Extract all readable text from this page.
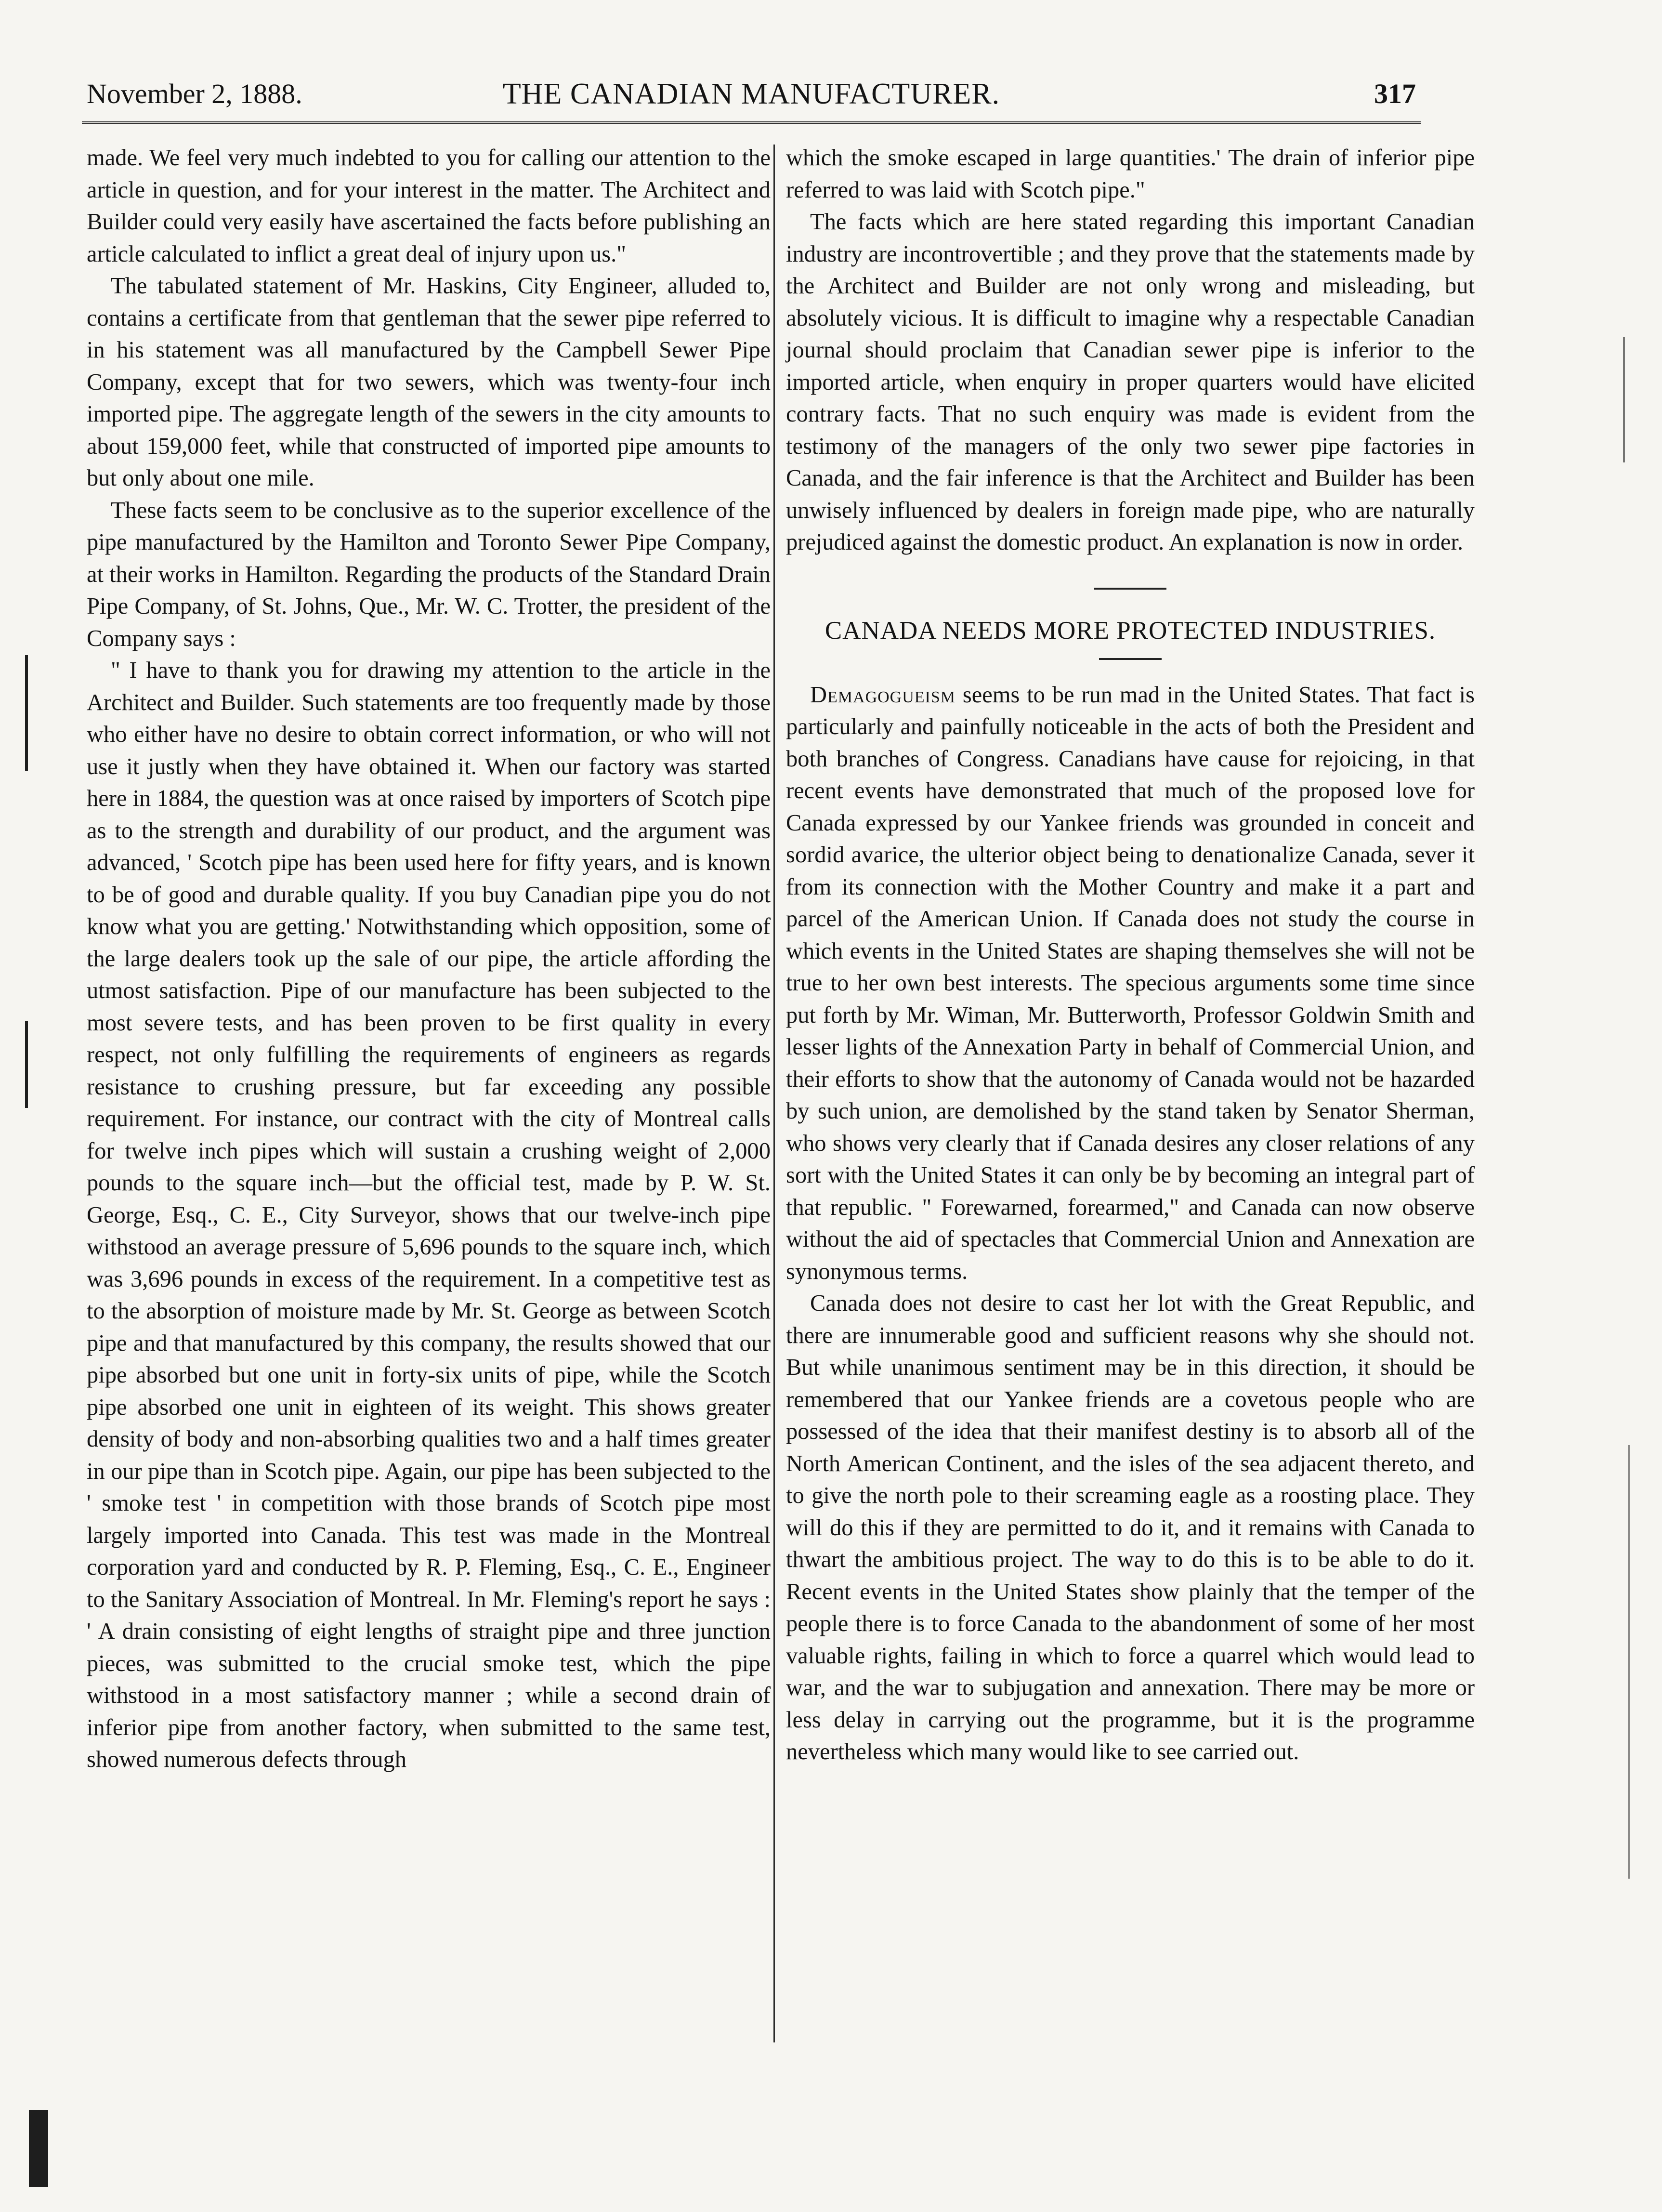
November 2, 1888.	THE CANADIAN MANUFACTURER.	317

made. We feel very much indebted to you for calling our attention to the article in question, and for your interest in the matter. The Architect and Builder could very easily have ascertained the facts before publishing an article calculated to inflict a great deal of injury upon us."

The tabulated statement of Mr. Haskins, City Engineer, alluded to, contains a certificate from that gentleman that the sewer pipe referred to in his statement was all manufactured by the Campbell Sewer Pipe Company, except that for two sewers, which was twenty-four inch imported pipe. The aggregate length of the sewers in the city amounts to about 159,000 feet, while that constructed of imported pipe amounts to but only about one mile.

These facts seem to be conclusive as to the superior excellence of the pipe manufactured by the Hamilton and Toronto Sewer Pipe Company, at their works in Hamilton. Regarding the products of the Standard Drain Pipe Company, of St. Johns, Que., Mr. W. C. Trotter, the president of the Company says :

" I have to thank you for drawing my attention to the article in the Architect and Builder. Such statements are too frequently made by those who either have no desire to obtain correct information, or who will not use it justly when they have obtained it. When our factory was started here in 1884, the question was at once raised by importers of Scotch pipe as to the strength and durability of our product, and the argument was advanced, ' Scotch pipe has been used here for fifty years, and is known to be of good and durable quality. If you buy Canadian pipe you do not know what you are getting.' Notwithstanding which opposition, some of the large dealers took up the sale of our pipe, the article affording the utmost satisfaction. Pipe of our manufacture has been subjected to the most severe tests, and has been proven to be first quality in every respect, not only fulfilling the requirements of engineers as regards resistance to crushing pressure, but far exceeding any possible requirement. For instance, our contract with the city of Montreal calls for twelve inch pipes which will sustain a crushing weight of 2,000 pounds to the square inch—but the official test, made by P. W. St. George, Esq., C. E., City Surveyor, shows that our twelve-inch pipe withstood an average pressure of 5,696 pounds to the square inch, which was 3,696 pounds in excess of the requirement. In a competitive test as to the absorption of moisture made by Mr. St. George as between Scotch pipe and that manufactured by this company, the results showed that our pipe absorbed but one unit in forty-six units of pipe, while the Scotch pipe absorbed one unit in eighteen of its weight. This shows greater density of body and non-absorbing qualities two and a half times greater in our pipe than in Scotch pipe. Again, our pipe has been subjected to the ' smoke test ' in competition with those brands of Scotch pipe most largely imported into Canada. This test was made in the Montreal corporation yard and conducted by R. P. Fleming, Esq., C. E., Engineer to the Sanitary Association of Montreal. In Mr. Fleming's report he says : ' A drain consisting of eight lengths of straight pipe and three junction pieces, was submitted to the crucial smoke test, which the pipe withstood in a most satisfactory manner ; while a second drain of inferior pipe from another factory, when submitted to the same test, showed numerous defects through

which the smoke escaped in large quantities.' The drain of inferior pipe referred to was laid with Scotch pipe."

The facts which are here stated regarding this important Canadian industry are incontrovertible ; and they prove that the statements made by the Architect and Builder are not only wrong and misleading, but absolutely vicious. It is difficult to imagine why a respectable Canadian journal should proclaim that Canadian sewer pipe is inferior to the imported article, when enquiry in proper quarters would have elicited contrary facts. That no such enquiry was made is evident from the testimony of the managers of the only two sewer pipe factories in Canada, and the fair inference is that the Architect and Builder has been unwisely influenced by dealers in foreign made pipe, who are naturally prejudiced against the domestic product. An explanation is now in order.

CANADA NEEDS MORE PROTECTED INDUSTRIES.

Demagogueism seems to be run mad in the United States. That fact is particularly and painfully noticeable in the acts of both the President and both branches of Congress. Canadians have cause for rejoicing, in that recent events have demonstrated that much of the proposed love for Canada expressed by our Yankee friends was grounded in conceit and sordid avarice, the ulterior object being to denationalize Canada, sever it from its connection with the Mother Country and make it a part and parcel of the American Union. If Canada does not study the course in which events in the United States are shaping themselves she will not be true to her own best interests. The specious arguments some time since put forth by Mr. Wiman, Mr. Butterworth, Professor Goldwin Smith and lesser lights of the Annexation Party in behalf of Commercial Union, and their efforts to show that the autonomy of Canada would not be hazarded by such union, are demolished by the stand taken by Senator Sherman, who shows very clearly that if Canada desires any closer relations of any sort with the United States it can only be by becoming an integral part of that republic. " Forewarned, forearmed," and Canada can now observe without the aid of spectacles that Commercial Union and Annexation are synonymous terms.

Canada does not desire to cast her lot with the Great Republic, and there are innumerable good and sufficient reasons why she should not. But while unanimous sentiment may be in this direction, it should be remembered that our Yankee friends are a covetous people who are possessed of the idea that their manifest destiny is to absorb all of the North American Continent, and the isles of the sea adjacent thereto, and to give the north pole to their screaming eagle as a roosting place. They will do this if they are permitted to do it, and it remains with Canada to thwart the ambitious project. The way to do this is to be able to do it. Recent events in the United States show plainly that the temper of the people there is to force Canada to the abandonment of some of her most valuable rights, failing in which to force a quarrel which would lead to war, and the war to subjugation and annexation. There may be more or less delay in carrying out the programme, but it is the programme nevertheless which many would like to see carried out.
